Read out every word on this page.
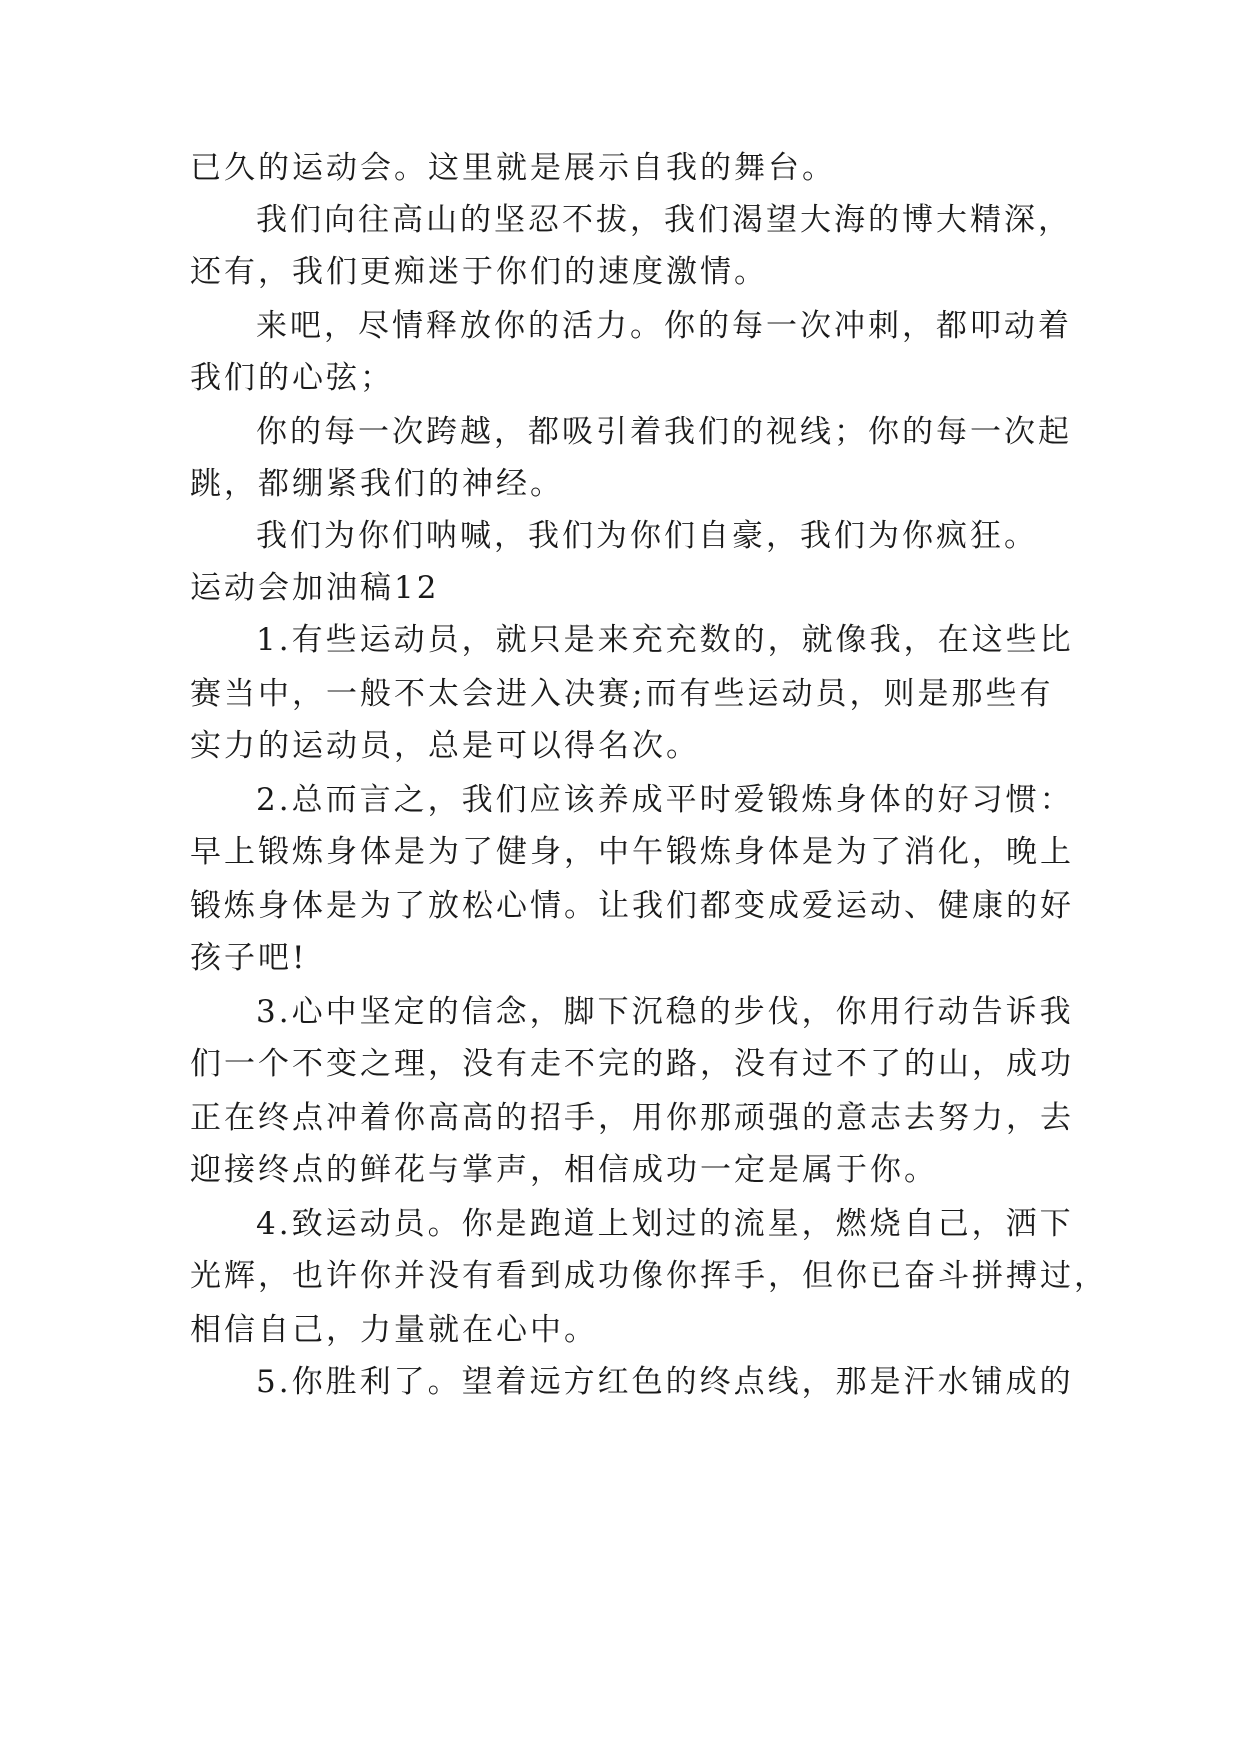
已久的运动会。这里就是展示自我的舞台。
我们向往高山的坚忍不拔，我们渴望大海的博大精深，
还有，我们更痴迷于你们的速度激情。
来吧，尽情释放你的活力。你的每一次冲刺，都叩动着
我们的心弦；
你的每一次跨越，都吸引着我们的视线；你的每一次起
跳，都绷紧我们的神经。
我们为你们呐喊，我们为你们自豪，我们为你疯狂。
运动会加油稿12
1.有些运动员，就只是来充充数的，就像我，在这些比
赛当中，一般不太会进入决赛;而有些运动员，则是那些有
实力的运动员，总是可以得名次。
2.总而言之，我们应该养成平时爱锻炼身体的好习惯：
早上锻炼身体是为了健身，中午锻炼身体是为了消化，晚上
锻炼身体是为了放松心情。让我们都变成爱运动、健康的好
孩子吧!
3.心中坚定的信念，脚下沉稳的步伐，你用行动告诉我
们一个不变之理，没有走不完的路，没有过不了的山，成功
正在终点冲着你高高的招手，用你那顽强的意志去努力，去
迎接终点的鲜花与掌声，相信成功一定是属于你。
4.致运动员。你是跑道上划过的流星，燃烧自己，洒下
光辉，也许你并没有看到成功像你挥手，但你已奋斗拼搏过，
相信自己，力量就在心中。
5.你胜利了。望着远方红色的终点线，那是汗水铺成的
